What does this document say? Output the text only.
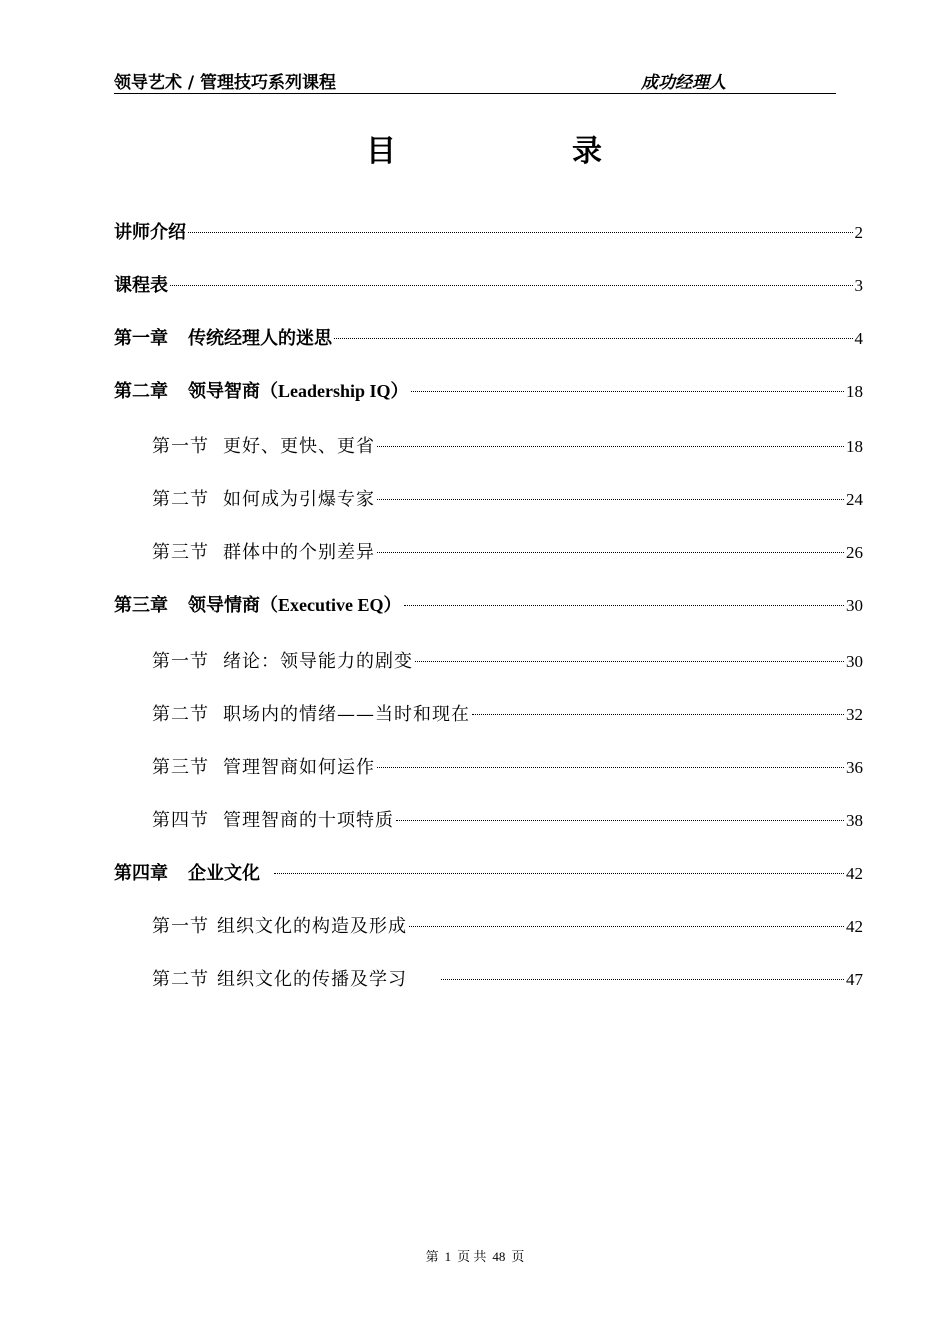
领导艺术 / 管理技巧系列课程	成功经理人
目	录
讲师介绍	2
课程表	3
第一章 传统经理人的迷思	4
第二章 领导智商（ Leadership IQ ）	18
第一节 更好、更快、更省	18
第二节 如何成为引爆专家	24
第三节 群体中的个别差异	26
第三章 领导情商（ Executive EQ ）	30
第一节 绪论：领导能力的剧变	30
第二节 职场内的情绪——当时和现在	32
第三节 管理智商如何运作	36
第四节 管理智商的十项特质	38
第四章 企业文化	42
第一节 组织文化的构造及形成	42
第二节 组织文化的传播及学习	47
第 1 页 共 48 页
